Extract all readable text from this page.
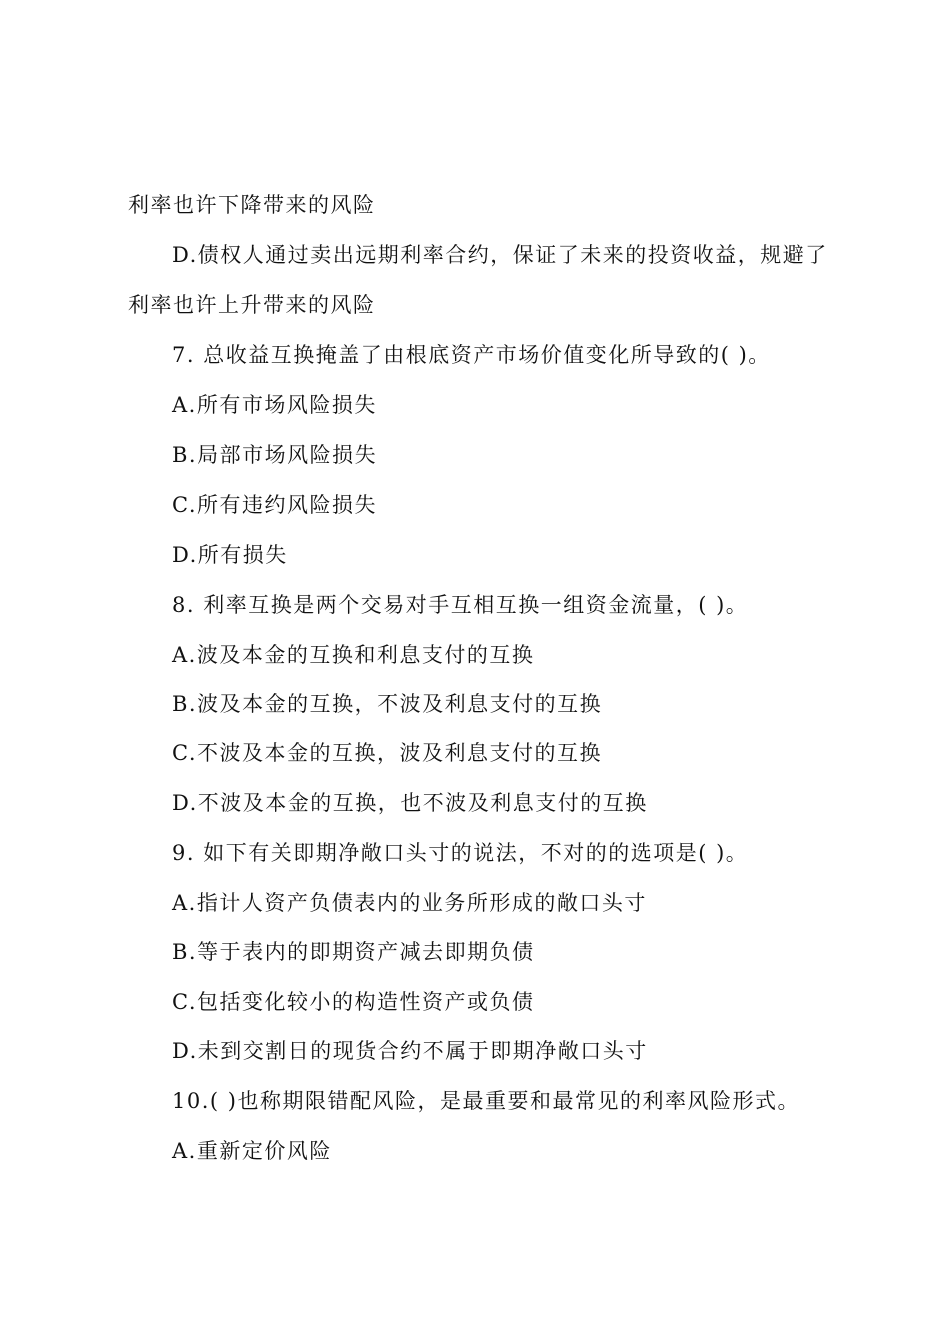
利率也许下降带来的风险
D.债权人通过卖出远期利率合约，保证了未来的投资收益，规避了
利率也许上升带来的风险
7. 总收益互换掩盖了由根底资产市场价值变化所导致的( )。
A.所有市场风险损失
B.局部市场风险损失
C.所有违约风险损失
D.所有损失
8. 利率互换是两个交易对手互相互换一组资金流量，( )。
A.波及本金的互换和利息支付的互换
B.波及本金的互换，不波及利息支付的互换
C.不波及本金的互换，波及利息支付的互换
D.不波及本金的互换，也不波及利息支付的互换
9. 如下有关即期净敞口头寸的说法，不对的的选项是( )。
A.指计人资产负债表内的业务所形成的敞口头寸
B.等于表内的即期资产减去即期负债
C.包括变化较小的构造性资产或负债
D.未到交割日的现货合约不属于即期净敞口头寸
10.( )也称期限错配风险，是最重要和最常见的利率风险形式。
A.重新定价风险
